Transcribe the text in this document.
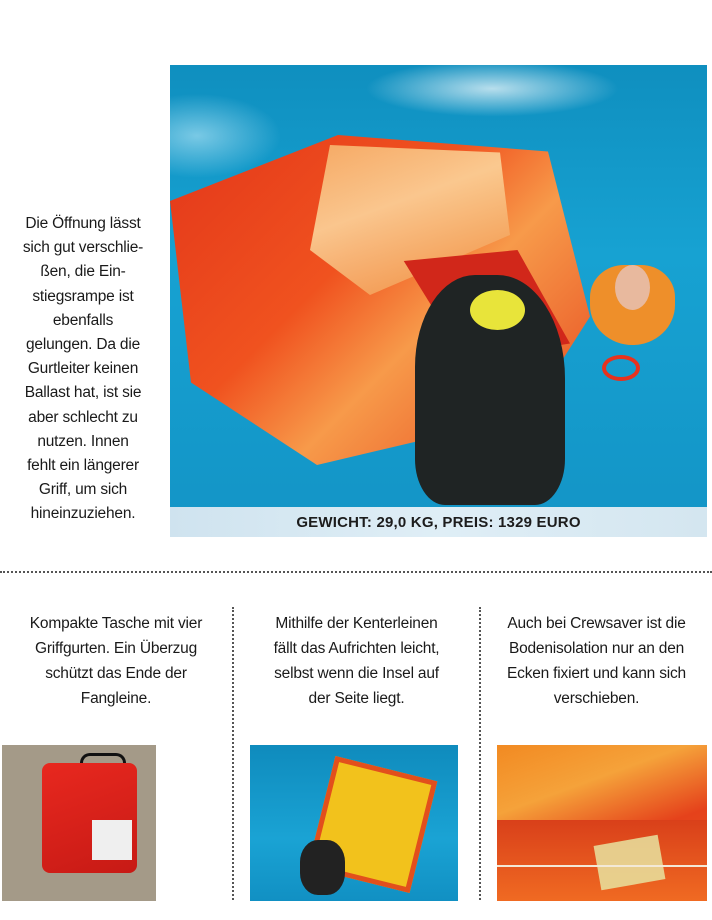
Die Öffnung lässt
sich gut verschlie-
ßen, die Ein-
stiegsrampe ist
ebenfalls
gelungen. Da die
Gurtleiter keinen
Ballast hat, ist sie
aber schlecht zu
nutzen. Innen
fehlt ein längerer
Griff, um sich
hineinzuziehen.	GEWICHT: 29,0 KG, PREIS: 1329 EURO
Kompakte Tasche mit vier
Griffgurten. Ein Überzug
schützt das Ende der
Fangleine.
Mithilfe der Kenterleinen
fällt das Aufrichten leicht,
selbst wenn die Insel auf
der Seite liegt.
Auch bei Crewsaver ist die
Bodenisolation nur an den
Ecken fixiert und kann sich
verschieben.
